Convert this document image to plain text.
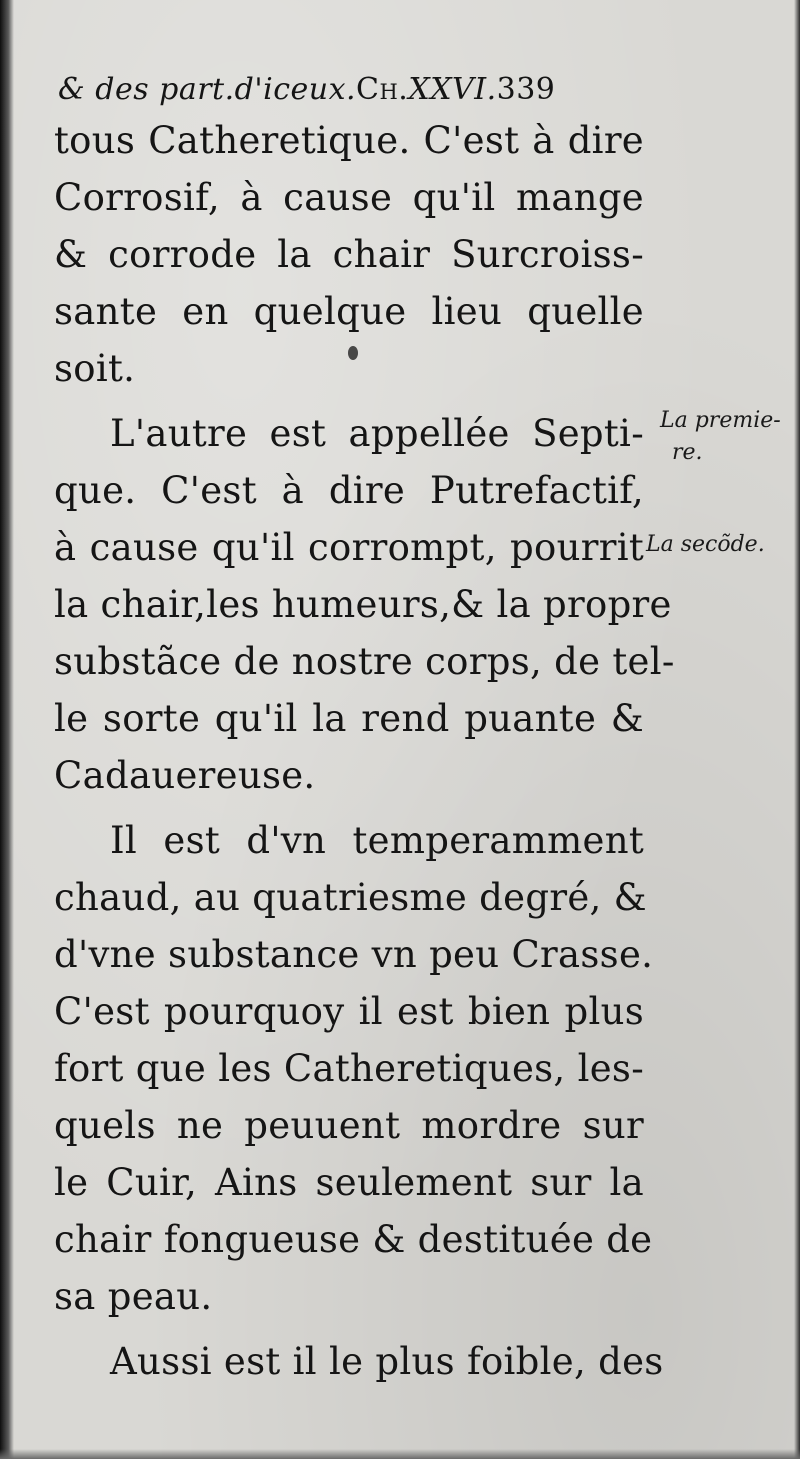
& des part.d'iceux.Ch.XXVI.339
tous Catheretique. C'est à dire
Corrosif, à cause qu'il mange
& corrode la chair Surcroiss-
sante en quelque lieu quelle
soit.
L'autre est appellée Septi-
que. C'est à dire Putrefactif,
à cause qu'il corrompt, pourrit
la chair,les humeurs,& la propre
substãce de nostre corps, de tel-
le sorte qu'il la rend puante &
Cadauereuse.
Il est d'vn temperamment
chaud, au quatriesme degré, &
d'vne substance vn peu Crasse.
C'est pourquoy il est bien plus
fort que les Catheretiques, les-
quels ne peuuent mordre sur
le Cuir, Ains seulement sur la
chair fongueuse & destituée de
sa peau.
Aussi est il le plus foible, des
La premie-
re.
La secõde.
